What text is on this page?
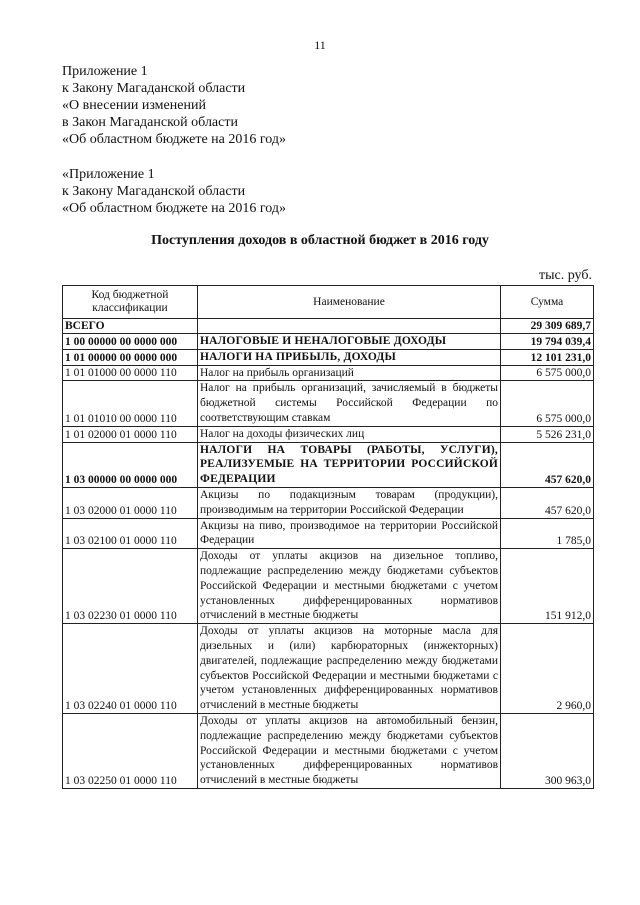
11
Приложение 1
к Закону Магаданской области
«О внесении изменений
в Закон Магаданской области
«Об областном бюджете на 2016 год»
«Приложение 1
к Закону Магаданской области
«Об областном бюджете на 2016 год»
Поступления доходов в областной бюджет в 2016 году
тыс. руб.
Код бюджетной классификации	Наименование	Сумма
ВСЕГО		29 309 689,7
1 00 00000 00 0000 000	НАЛОГОВЫЕ И НЕНАЛОГОВЫЕ ДОХОДЫ	19 794 039,4
1 01 00000 00 0000 000	НАЛОГИ НА ПРИБЫЛЬ, ДОХОДЫ	12 101 231,0
1 01 01000 00 0000 110	Налог на прибыль организаций	6 575 000,0
1 01 01010 00 0000 110	Налог на прибыль организаций, зачисляемый в бюджеты бюджетной системы Российской Федерации по соответствующим ставкам	6 575 000,0
1 01 02000 01 0000 110	Налог на доходы физических лиц	5 526 231,0
1 03 00000 00 0000 000	НАЛОГИ НА ТОВАРЫ (РАБОТЫ, УСЛУГИ), РЕАЛИЗУЕМЫЕ НА ТЕРРИТОРИИ РОССИЙСКОЙ ФЕДЕРАЦИИ	457 620,0
1 03 02000 01 0000 110	Акцизы по подакцизным товарам (продукции), производимым на территории Российской Федерации	457 620,0
1 03 02100 01 0000 110	Акцизы на пиво, производимое на территории Российской Федерации	1 785,0
1 03 02230 01 0000 110	Доходы от уплаты акцизов на дизельное топливо, подлежащие распределению между бюджетами субъектов Российской Федерации и местными бюджетами с учетом установленных дифференцированных нормативов отчислений в местные бюджеты	151 912,0
1 03 02240 01 0000 110	Доходы от уплаты акцизов на моторные масла для дизельных и (или) карбюраторных (инжекторных) двигателей, подлежащие распределению между бюджетами субъектов Российской Федерации и местными бюджетами с учетом установленных дифференцированных нормативов отчислений в местные бюджеты	2 960,0
1 03 02250 01 0000 110	Доходы от уплаты акцизов на автомобильный бензин, подлежащие распределению между бюджетами субъектов Российской Федерации и местными бюджетами с учетом установленных дифференцированных нормативов отчислений в местные бюджеты	300 963,0
